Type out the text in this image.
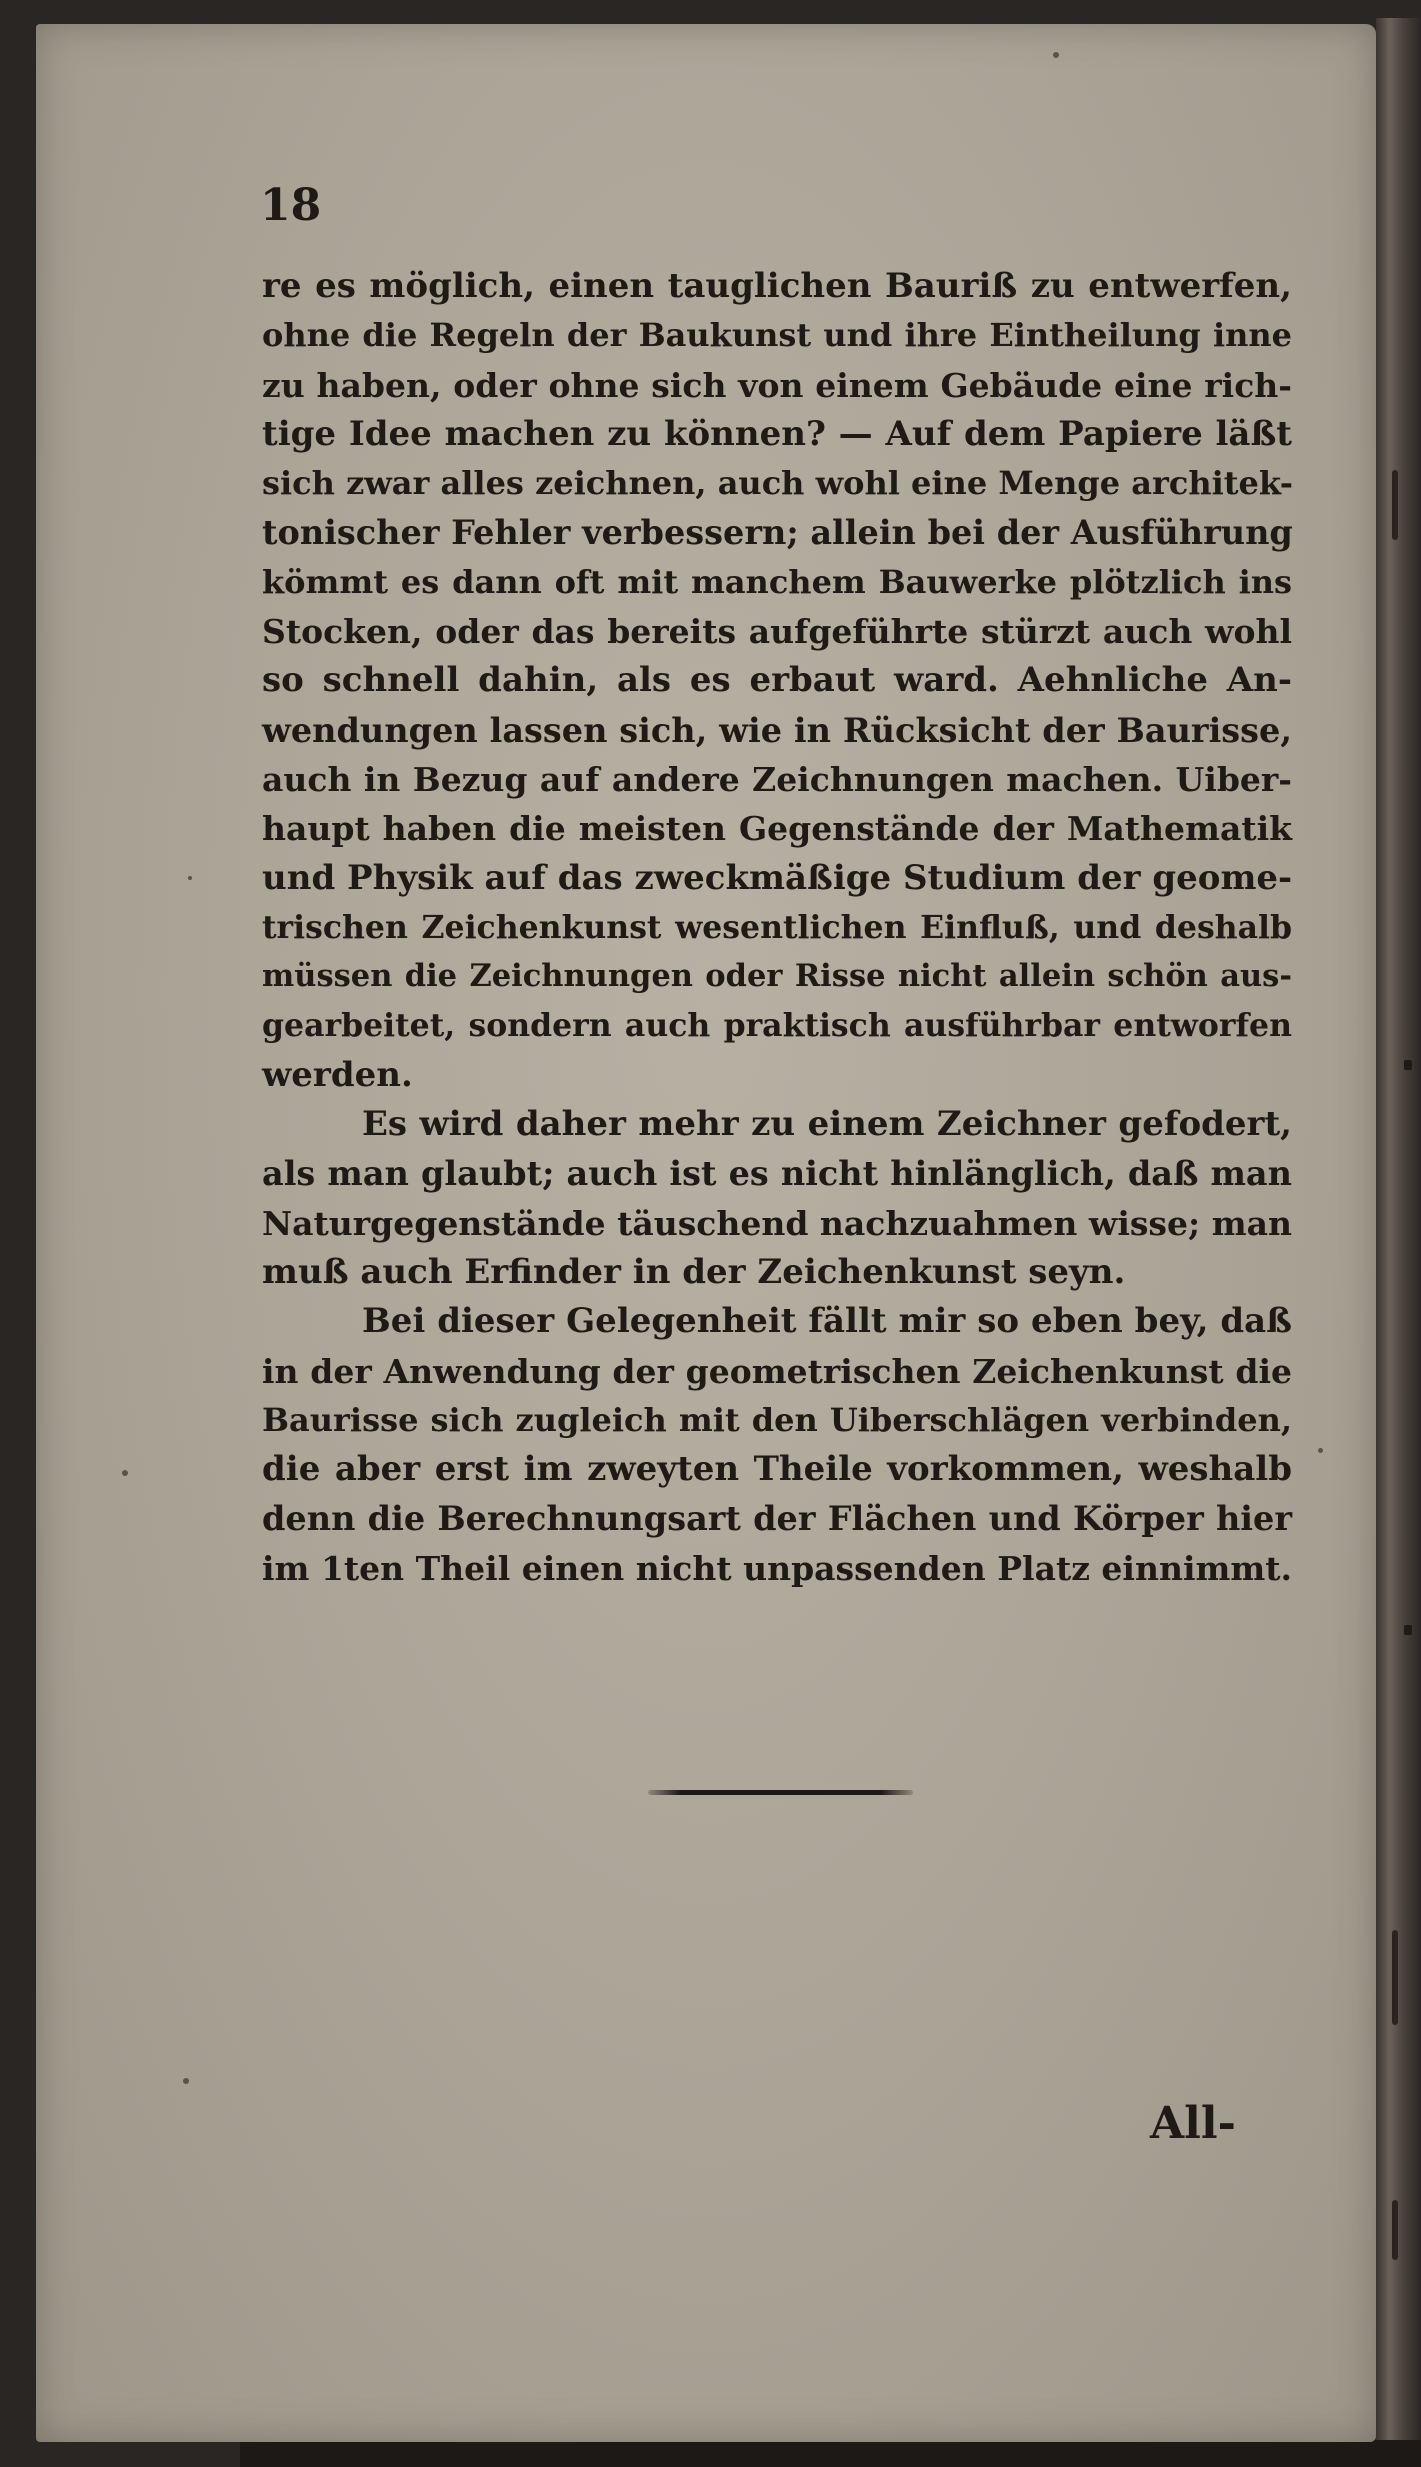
18

re es möglich, einen tauglichen Bauriß zu entwerfen,
ohne die Regeln der Baukunst und ihre Eintheilung inne
zu haben, oder ohne sich von einem Gebäude eine rich-
tige Idee machen zu können? — Auf dem Papiere läßt
sich zwar alles zeichnen, auch wohl eine Menge architek-
tonischer Fehler verbessern; allein bei der Ausführung
kömmt es dann oft mit manchem Bauwerke plötzlich ins
Stocken, oder das bereits aufgeführte stürzt auch wohl
so schnell dahin, als es erbaut ward. Aehnliche An-
wendungen lassen sich, wie in Rücksicht der Baurisse,
auch in Bezug auf andere Zeichnungen machen. Uiber-
haupt haben die meisten Gegenstände der Mathematik
und Physik auf das zweckmäßige Studium der geome-
trischen Zeichenkunst wesentlichen Einfluß, und deshalb
müssen die Zeichnungen oder Risse nicht allein schön aus-
gearbeitet, sondern auch praktisch ausführbar entworfen
werden.
Es wird daher mehr zu einem Zeichner gefodert,
als man glaubt; auch ist es nicht hinlänglich, daß man
Naturgegenstände täuschend nachzuahmen wisse; man
muß auch Erfinder in der Zeichenkunst seyn.
Bei dieser Gelegenheit fällt mir so eben bey, daß
in der Anwendung der geometrischen Zeichenkunst die
Baurisse sich zugleich mit den Uiberschlägen verbinden,
die aber erst im zweyten Theile vorkommen, weshalb
denn die Berechnungsart der Flächen und Körper hier
im 1ten Theil einen nicht unpassenden Platz einnimmt.

All-
